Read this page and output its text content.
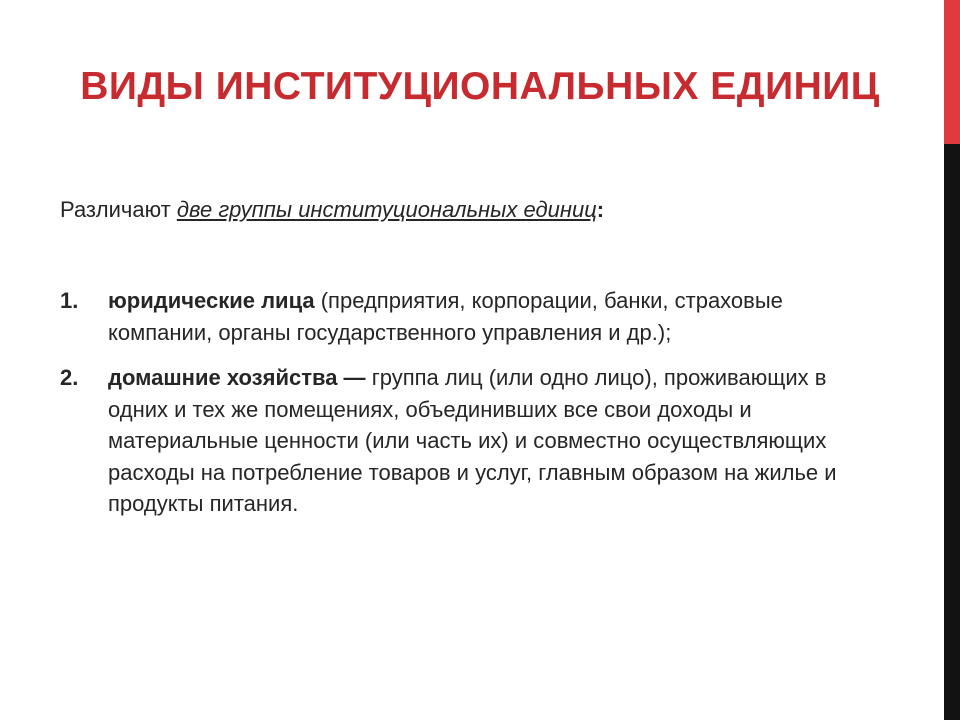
ВИДЫ ИНСТИТУЦИОНАЛЬНЫХ ЕДИНИЦ
Различают две группы институциональных единиц:
1. юридические лица (предприятия, корпорации, банки, страховые компании, органы государственного управления и др.);
2. домашние хозяйства — группа лиц (или одно лицо), проживающих в одних и тех же помещениях, объединивших все свои доходы и материальные ценности (или часть их) и совместно осуществляющих расходы на потребление товаров и услуг, главным образом на жилье и продукты питания.
